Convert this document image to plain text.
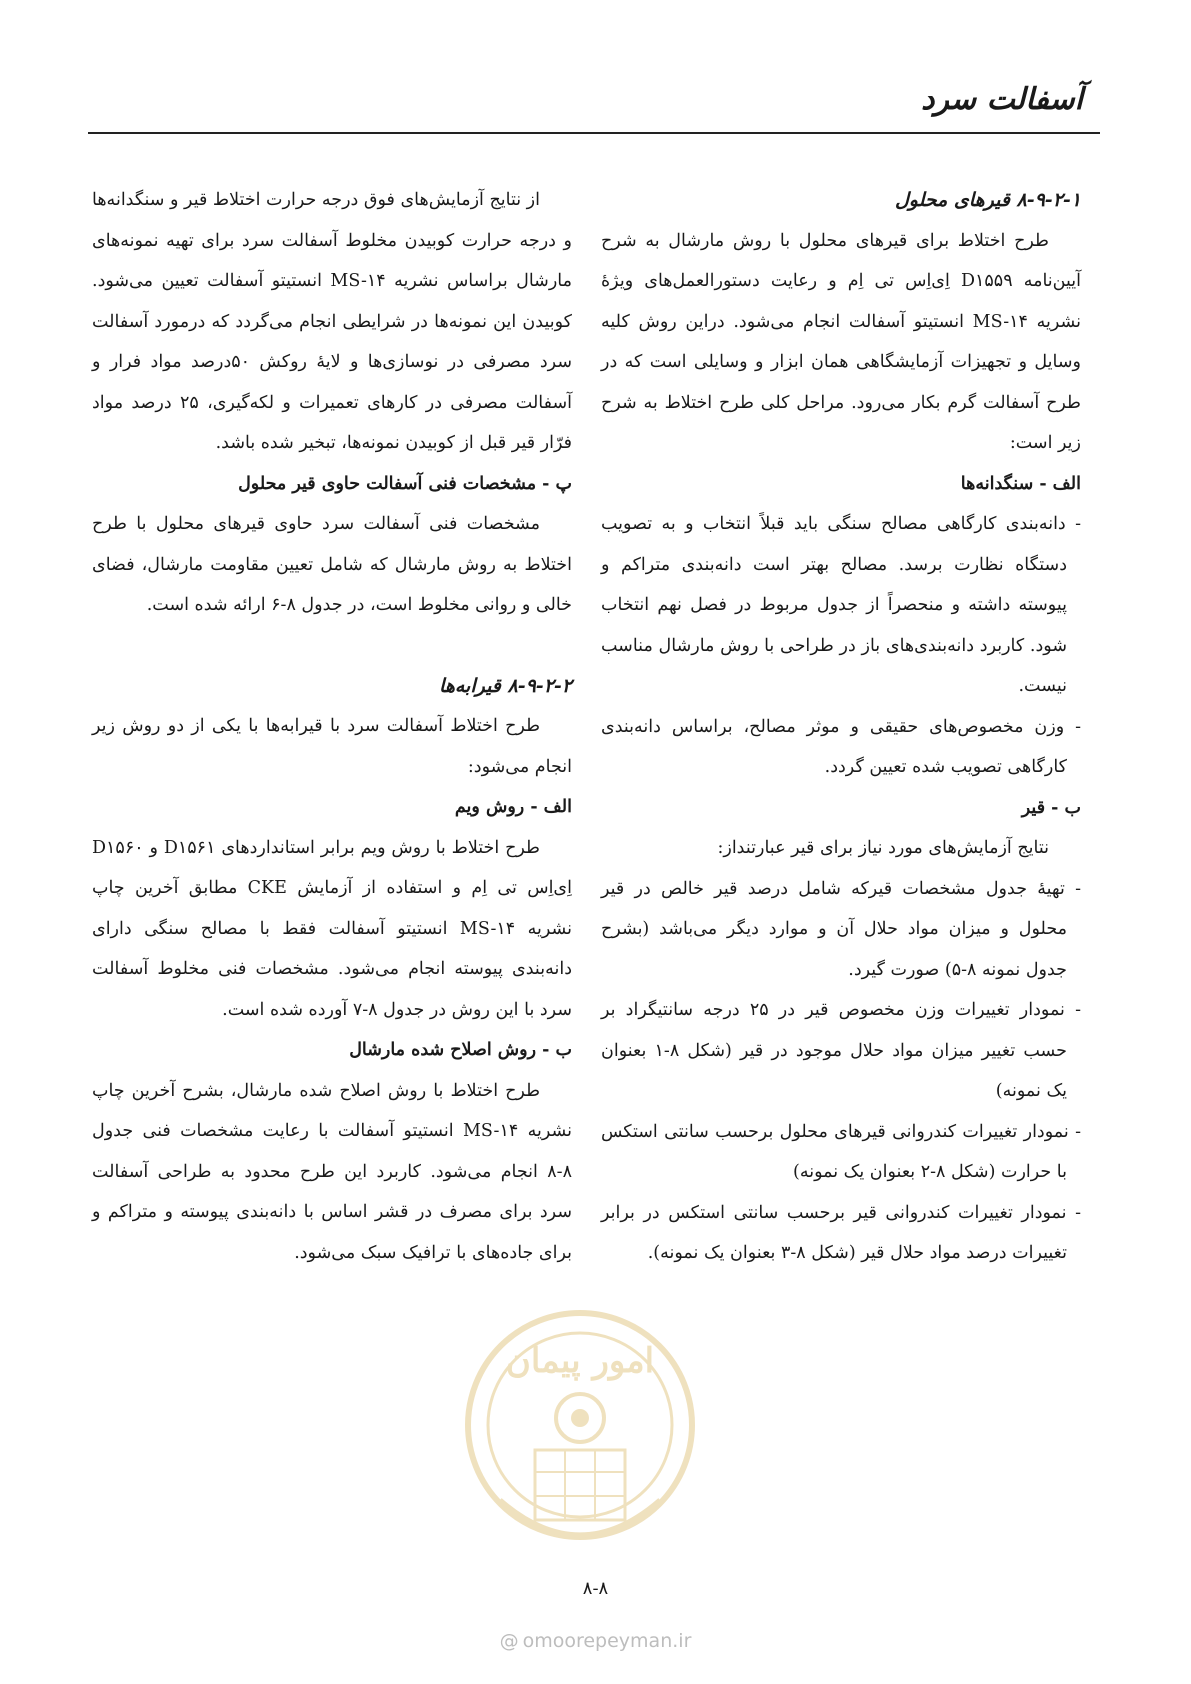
آسفالت سرد

۸-۹-۲-۱ قیرهای محلول

طرح اختلاط برای قیرهای محلول با روش مارشال به شرح آیین‌نامه D۱۵۵۹ اِی‌اِس تی اِم و رعایت دستورالعمل‌های ویژهٔ نشریه MS-۱۴ انستیتو آسفالت انجام می‌شود. دراین روش کلیه وسایل و تجهیزات آزمایشگاهی همان ابزار و وسایلی است که در طرح آسفالت گرم بکار می‌رود. مراحل کلی طرح اختلاط به شرح زیر است:

الف - سنگدانه‌ها

- دانه‌بندی کارگاهی مصالح سنگی باید قبلاً انتخاب و به تصویب دستگاه نظارت برسد. مصالح بهتر است دانه‌بندی متراکم و پیوسته داشته و منحصراً از جدول مربوط در فصل نهم انتخاب شود. کاربرد دانه‌بندی‌های باز در طراحی با روش مارشال مناسب نیست.

- وزن مخصوص‌های حقیقی و موثر مصالح، براساس دانه‌بندی کارگاهی تصویب شده تعیین گردد.

ب - قیر

نتایج آزمایش‌های مورد نیاز برای قیر عبارتنداز:

- تهیهٔ جدول مشخصات قیرکه شامل درصد قیر خالص در قیر محلول و میزان مواد حلال آن و موارد دیگر می‌باشد (بشرح جدول نمونه ۸-۵) صورت گیرد.

- نمودار تغییرات وزن مخصوص قیر در ۲۵ درجه سانتیگراد بر حسب تغییر میزان مواد حلال موجود در قیر (شکل ۸-۱ بعنوان یک نمونه)

- نمودار تغییرات کندروانی قیرهای محلول برحسب سانتی استکس با حرارت (شکل ۸-۲ بعنوان یک نمونه)

- نمودار تغییرات کندروانی قیر برحسب سانتی استکس در برابر تغییرات درصد مواد حلال قیر (شکل ۸-۳ بعنوان یک نمونه).

از نتایج آزمایش‌های فوق درجه حرارت اختلاط قیر و سنگدانه‌ها و درجه حرارت کوبیدن مخلوط آسفالت سرد برای تهیه نمونه‌های مارشال براساس نشریه MS-۱۴ انستیتو آسفالت تعیین می‌شود. کوبیدن این نمونه‌ها در شرایطی انجام می‌گردد که درمورد آسفالت سرد مصرفی در نوسازی‌ها و لایهٔ روکش ۵۰درصد مواد فرار و آسفالت مصرفی در کارهای تعمیرات و لکه‌گیری، ۲۵ درصد مواد فرّار قیر قبل از کوبیدن نمونه‌ها، تبخیر شده باشد.

پ - مشخصات فنی آسفالت حاوی قیر محلول

مشخصات فنی آسفالت سرد حاوی قیرهای محلول با طرح اختلاط به روش مارشال که شامل تعیین مقاومت مارشال، فضای خالی و روانی مخلوط است، در جدول ۸-۶ ارائه شده است.

۸-۹-۲-۲ قیرابه‌ها

طرح اختلاط آسفالت سرد با قیرابه‌ها با یکی از دو روش زیر انجام می‌شود:

الف - روش ویم

طرح اختلاط با روش ویم برابر استانداردهای D۱۵۶۱ و D۱۵۶۰ اِی‌اِس تی اِم و استفاده از آزمایش CKE مطابق آخرین چاپ نشریه MS-۱۴ انستیتو آسفالت فقط با مصالح سنگی دارای دانه‌بندی پیوسته انجام می‌شود. مشخصات فنی مخلوط آسفالت سرد با این روش در جدول ۸-۷ آورده شده است.

ب - روش اصلاح شده مارشال

طرح اختلاط با روش اصلاح شده مارشال، بشرح آخرین چاپ نشریه MS-۱۴ انستیتو آسفالت با رعایت مشخصات فنی جدول ۸-۸ انجام می‌شود. کاربرد این طرح محدود به طراحی آسفالت سرد برای مصرف در قشر اساس با دانه‌بندی پیوسته و متراکم و برای جاده‌های با ترافیک سبک می‌شود.

امور پیمان
۸-۸
@ omoorepeyman.ir
